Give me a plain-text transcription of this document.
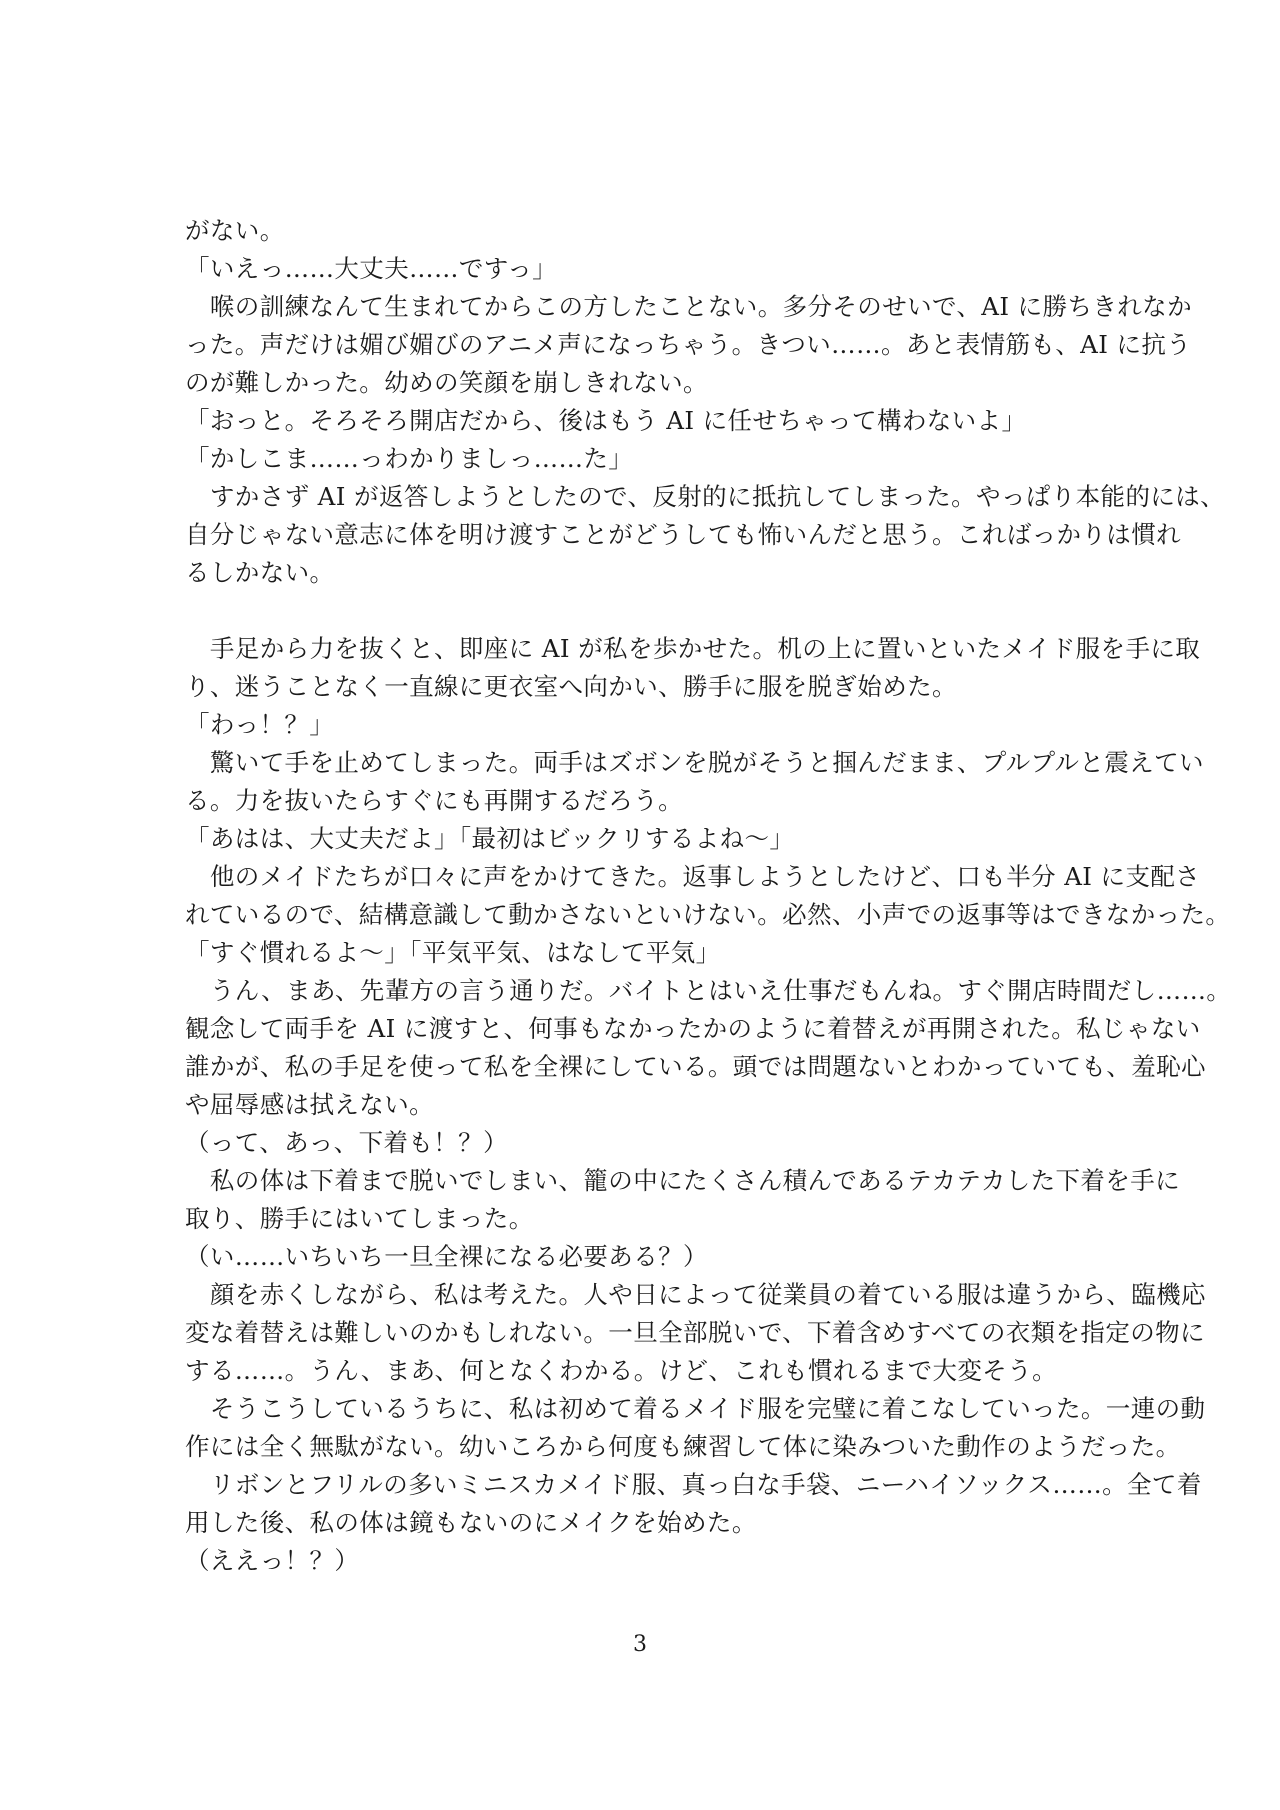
がない。
「いえっ……大丈夫……ですっ」
　喉の訓練なんて生まれてからこの方したことない。多分そのせいで、AI に勝ちきれなか
った。声だけは媚び媚びのアニメ声になっちゃう。きつい……。あと表情筋も、AI に抗う
のが難しかった。幼めの笑顔を崩しきれない。
「おっと。そろそろ開店だから、後はもう AI に任せちゃって構わないよ」
「かしこま……っわかりましっ……た」
　すかさず AI が返答しようとしたので、反射的に抵抗してしまった。やっぱり本能的には、
自分じゃない意志に体を明け渡すことがどうしても怖いんだと思う。こればっかりは慣れ
るしかない。
　手足から力を抜くと、即座に AI が私を歩かせた。机の上に置いといたメイド服を手に取
り、迷うことなく一直線に更衣室へ向かい、勝手に服を脱ぎ始めた。
「わっ！？」
　驚いて手を止めてしまった。両手はズボンを脱がそうと掴んだまま、プルプルと震えてい
る。力を抜いたらすぐにも再開するだろう。
「あはは、大丈夫だよ」「最初はビックリするよね～」
　他のメイドたちが口々に声をかけてきた。返事しようとしたけど、口も半分 AI に支配さ
れているので、結構意識して動かさないといけない。必然、小声での返事等はできなかった。
「すぐ慣れるよ～」「平気平気、はなして平気」
　うん、まあ、先輩方の言う通りだ。バイトとはいえ仕事だもんね。すぐ開店時間だし……。
観念して両手を AI に渡すと、何事もなかったかのように着替えが再開された。私じゃない
誰かが、私の手足を使って私を全裸にしている。頭では問題ないとわかっていても、羞恥心
や屈辱感は拭えない。
（って、あっ、下着も！？）
　私の体は下着まで脱いでしまい、籠の中にたくさん積んであるテカテカした下着を手に
取り、勝手にはいてしまった。
（い……いちいち一旦全裸になる必要ある？）
　顔を赤くしながら、私は考えた。人や日によって従業員の着ている服は違うから、臨機応
変な着替えは難しいのかもしれない。一旦全部脱いで、下着含めすべての衣類を指定の物に
する……。うん、まあ、何となくわかる。けど、これも慣れるまで大変そう。
　そうこうしているうちに、私は初めて着るメイド服を完璧に着こなしていった。一連の動
作には全く無駄がない。幼いころから何度も練習して体に染みついた動作のようだった。
　リボンとフリルの多いミニスカメイド服、真っ白な手袋、ニーハイソックス……。全て着
用した後、私の体は鏡もないのにメイクを始めた。
（ええっ！？）
3
